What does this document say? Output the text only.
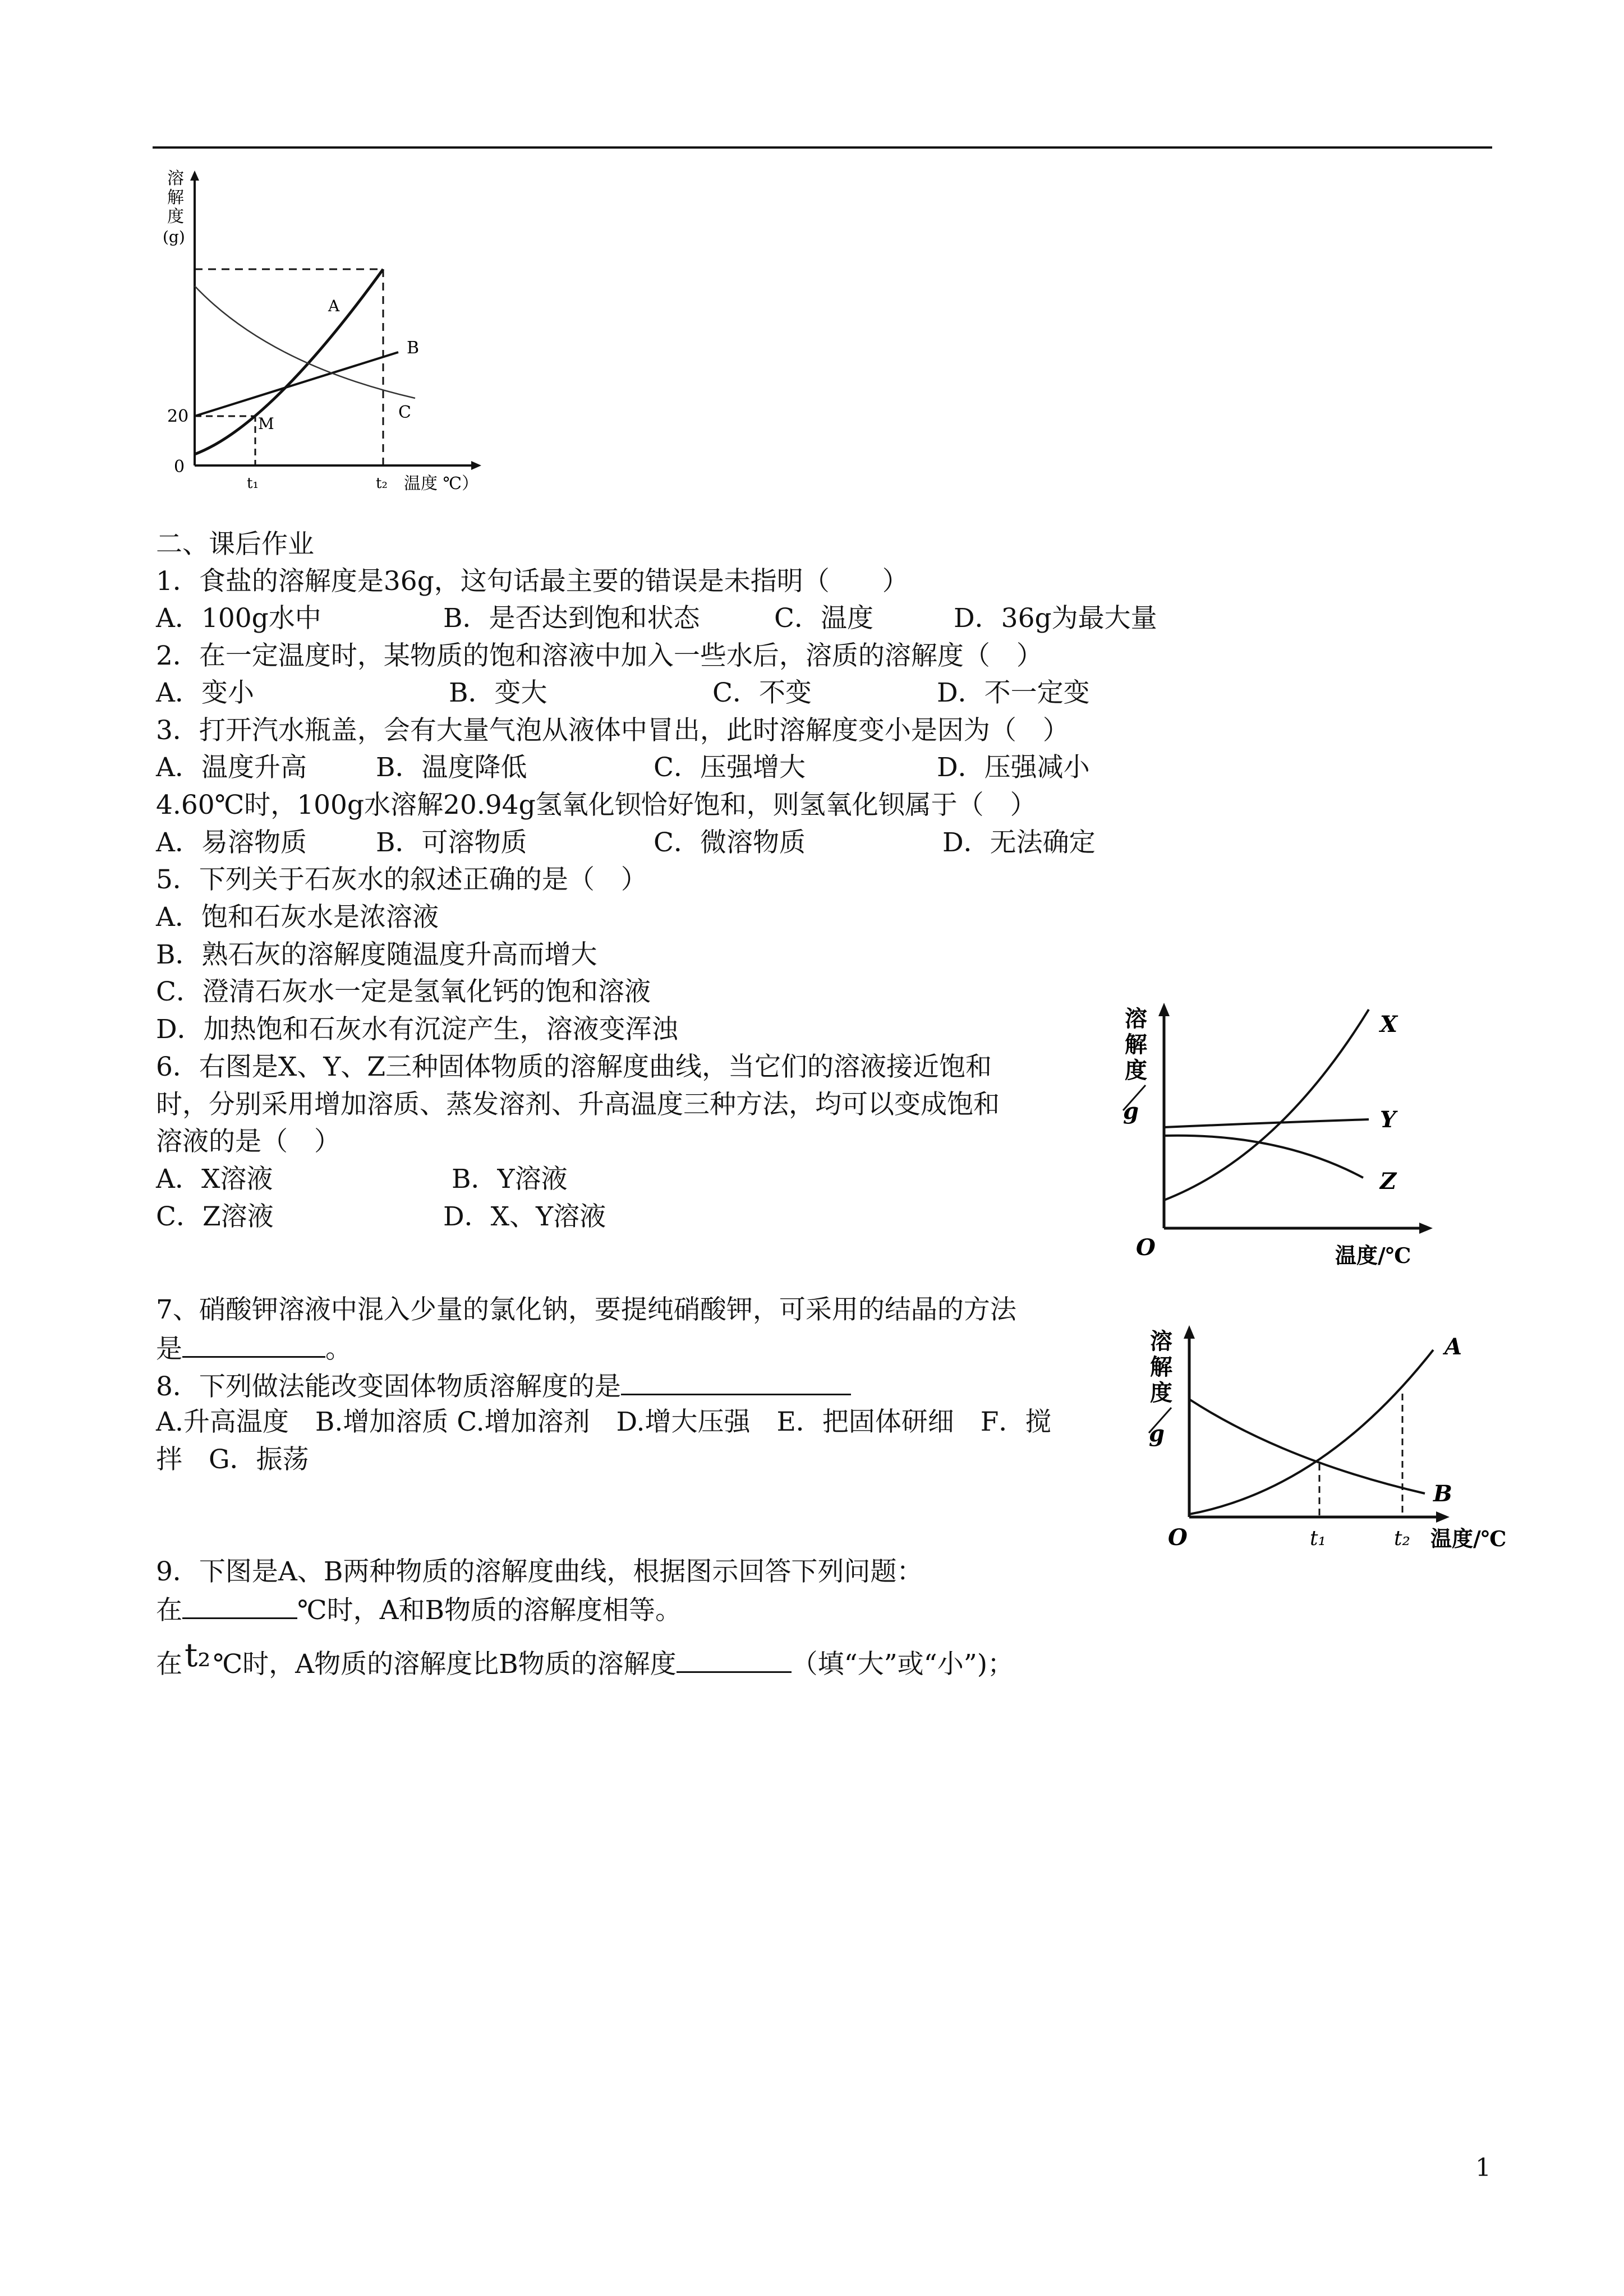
溶
解
度
(g)
0
20	M
A
B
C
t₁	t₂ 温度 ℃）
二、课后作业
1．食盐的溶解度是36g，这句话最主要的错误是未指明（　　）
A．100g水中	B．是否达到饱和状态	C．温度	D．36g为最大量
2．在一定温度时，某物质的饱和溶液中加入一些水后，溶质的溶解度（　）
A．变小	B．变大	C．不变	D．不一定变
3．打开汽水瓶盖，会有大量气泡从液体中冒出，此时溶解度变小是因为（　）
A．温度升高	B．温度降低	C．压强增大	D．压强减小
4.60℃时，100g水溶解20.94g氢氧化钡恰好饱和，则氢氧化钡属于（　）
A．易溶物质	B．可溶物质	C．微溶物质	D．无法确定
5．下列关于石灰水的叙述正确的是（　）
A．饱和石灰水是浓溶液
B．熟石灰的溶解度随温度升高而增大
C．澄清石灰水一定是氢氧化钙的饱和溶液
D．加热饱和石灰水有沉淀产生，溶液变浑浊
6．右图是X、Y、Z三种固体物质的溶解度曲线，当它们的溶液接近饱和
时，分别采用增加溶质、蒸发溶剂、升高温度三种方法，均可以变成饱和
溶液的是（　）
A．X溶液	B．Y溶液
C．Z溶液	D．X、Y溶液
溶
解
度
g
O
X
Y
Z
温度/℃
7、硝酸钾溶液中混入少量的氯化钠，要提纯硝酸钾，可采用的结晶的方法
是	。
8．下列做法能改变固体物质溶解度的是
A.升高温度　B.增加溶质 C.增加溶剂　D.增大压强　E．把固体研细　F．搅
拌　G．振荡
溶
解
度
g
O
A
B
t₁	t₂ 温度/℃
9．下图是A、B两种物质的溶解度曲线，根据图示回答下列问题：
在	℃时，A和B物质的溶解度相等。
在t₂℃时，A物质的溶解度比B物质的溶解度	（填“大”或“小”)；
1
